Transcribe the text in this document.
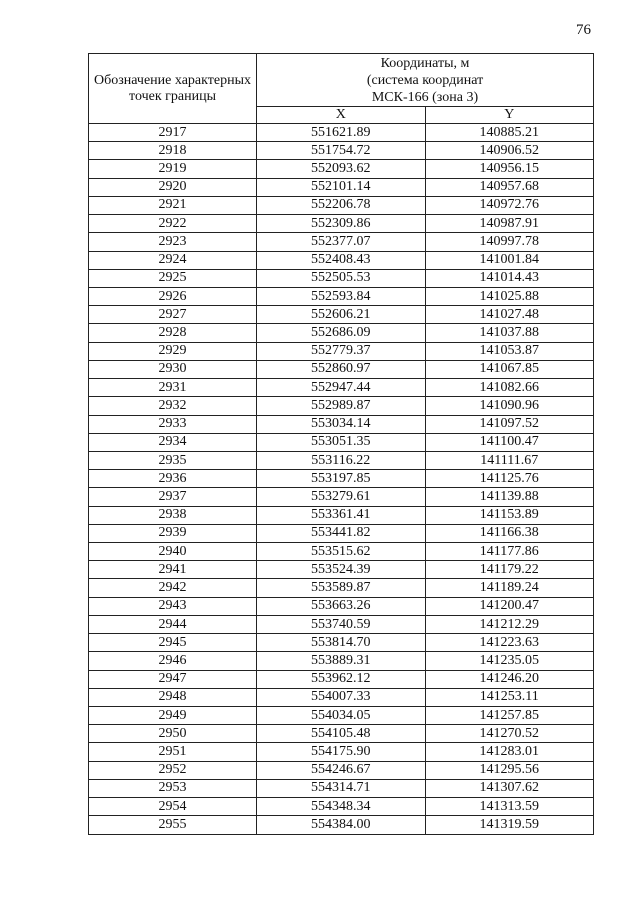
76
Обозначение характерных точек границы	Координаты, м
(система координат
МСК-166 (зона 3)	

	X	Y
2917	551621.89	140885.21
2918	551754.72	140906.52
2919	552093.62	140956.15
2920	552101.14	140957.68
2921	552206.78	140972.76
2922	552309.86	140987.91
2923	552377.07	140997.78
2924	552408.43	141001.84
2925	552505.53	141014.43
2926	552593.84	141025.88
2927	552606.21	141027.48
2928	552686.09	141037.88
2929	552779.37	141053.87
2930	552860.97	141067.85
2931	552947.44	141082.66
2932	552989.87	141090.96
2933	553034.14	141097.52
2934	553051.35	141100.47
2935	553116.22	141111.67
2936	553197.85	141125.76
2937	553279.61	141139.88
2938	553361.41	141153.89
2939	553441.82	141166.38
2940	553515.62	141177.86
2941	553524.39	141179.22
2942	553589.87	141189.24
2943	553663.26	141200.47
2944	553740.59	141212.29
2945	553814.70	141223.63
2946	553889.31	141235.05
2947	553962.12	141246.20
2948	554007.33	141253.11
2949	554034.05	141257.85
2950	554105.48	141270.52
2951	554175.90	141283.01
2952	554246.67	141295.56
2953	554314.71	141307.62
2954	554348.34	141313.59
2955	554384.00	141319.59
